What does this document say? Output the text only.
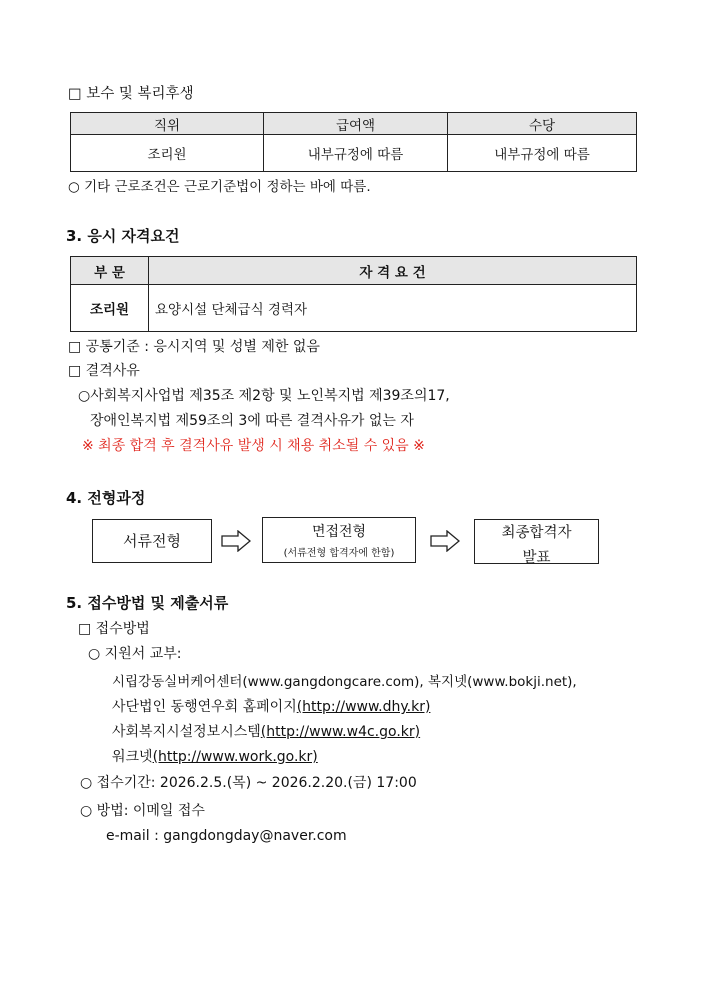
□ 보수 및 복리후생
직위	급여액	수당
조리원	내부규정에 따름	내부규정에 따름
○ 기타 근로조건은 근로기준법이 정하는 바에 따름.
3. 응시 자격요건
부 문	자 격 요 건
조리원	요양시설 단체급식 경력자
□ 공통기준 : 응시지역 및 성별 제한 없음
□ 결격사유
○사회복지사업법 제35조 제2항 및 노인복지법 제39조의17,
장애인복지법 제59조의 3에 따른 결격사유가 없는 자
※ 최종 합격 후 결격사유 발생 시 채용 취소될 수 있음 ※
4. 전형과정
서류전형	면접전형
(서류전형 합격자에 한함)
최종합격자
발표
5. 접수방법 및 제출서류
□ 접수방법
○ 지원서 교부:
시립강동실버케어센터(www.gangdongcare.com), 복지넷(www.bokji.net),
사단법인 동행연우회 홈페이지(http://www.dhy.kr)
사회복지시설정보시스템(http://www.w4c.go.kr)
워크넷(http://www.work.go.kr)
○ 접수기간: 2026.2.5.(목) ~ 2026.2.20.(금) 17:00
○ 방법: 이메일 접수
e-mail : gangdongday@naver.com
